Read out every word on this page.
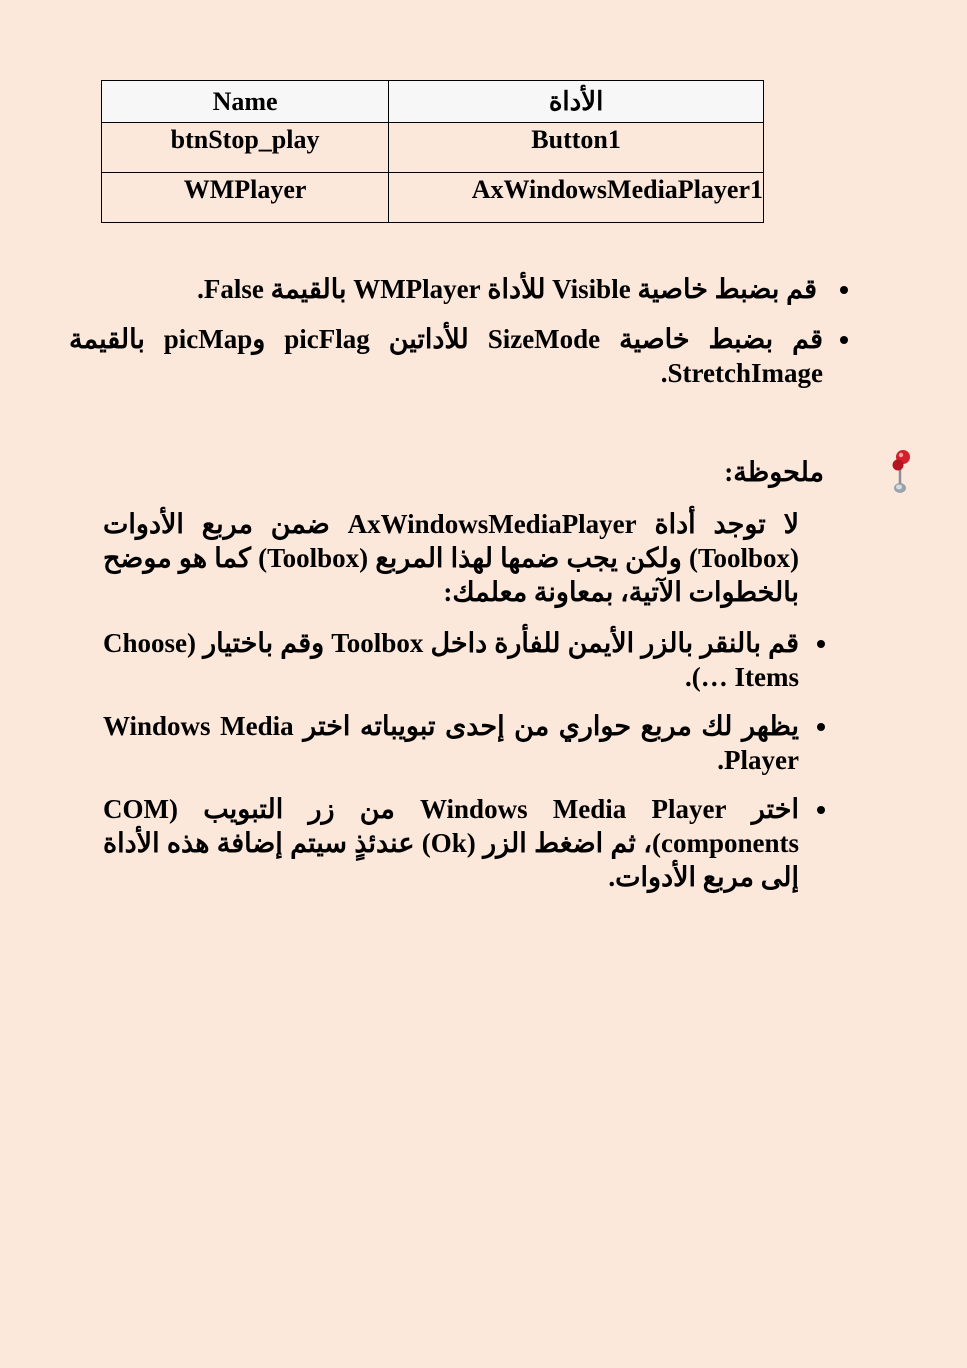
Name	الأداة
btnStop_play	Button1
WMPlayer	AxWindowsMediaPlayer1
قم بضبط خاصية Visible للأداة WMPlayer بالقيمة False.
قم بضبط خاصية SizeMode للأداتين picFlag وpicMap بالقيمة StretchImage.
ملحوظة:
لا توجد أداة AxWindowsMediaPlayer ضمن مربع الأدوات (Toolbox) ولكن يجب ضمها لهذا المربع (Toolbox) كما هو موضح بالخطوات الآتية، بمعاونة معلمك:
قم بالنقر بالزر الأيمن للفأرة داخل Toolbox وقم باختيار (Choose Items …).
يظهر لك مربع حواري من إحدى تبويباته اختر Windows Media Player.
اختر Windows Media Player من زر التبويب (COM components)، ثم اضغط الزر (Ok) عندئذٍ سيتم إضافة هذه الأداة إلى مربع الأدوات.
